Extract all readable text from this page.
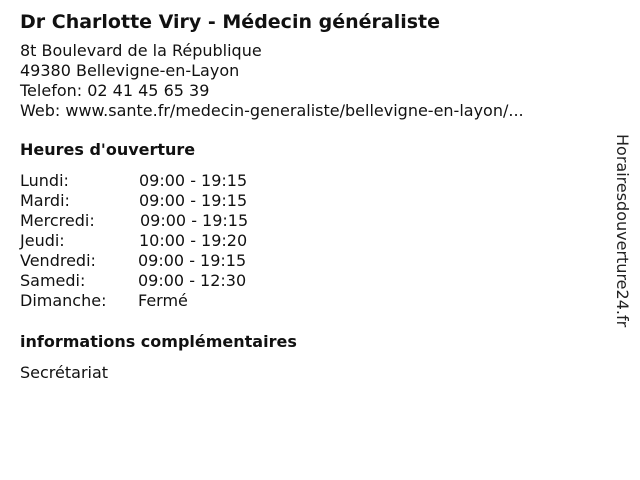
Dr Charlotte Viry - Médecin généraliste
8t Boulevard de la République
49380 Bellevigne-en-Layon
Telefon: 02 41 45 65 39
Web: www.sante.fr/medecin-generaliste/bellevigne-en-layon/...
Heures d'ouverture
Lundi:	09:00 - 19:15
Mardi:	09:00 - 19:15
Mercredi:	09:00 - 19:15
Jeudi:	10:00 - 19:20
Vendredi:	09:00 - 19:15
Samedi:	09:00 - 12:30
Dimanche: Fermé
informations complémentaires
Secrétariat
Horairesdouverture24.fr
